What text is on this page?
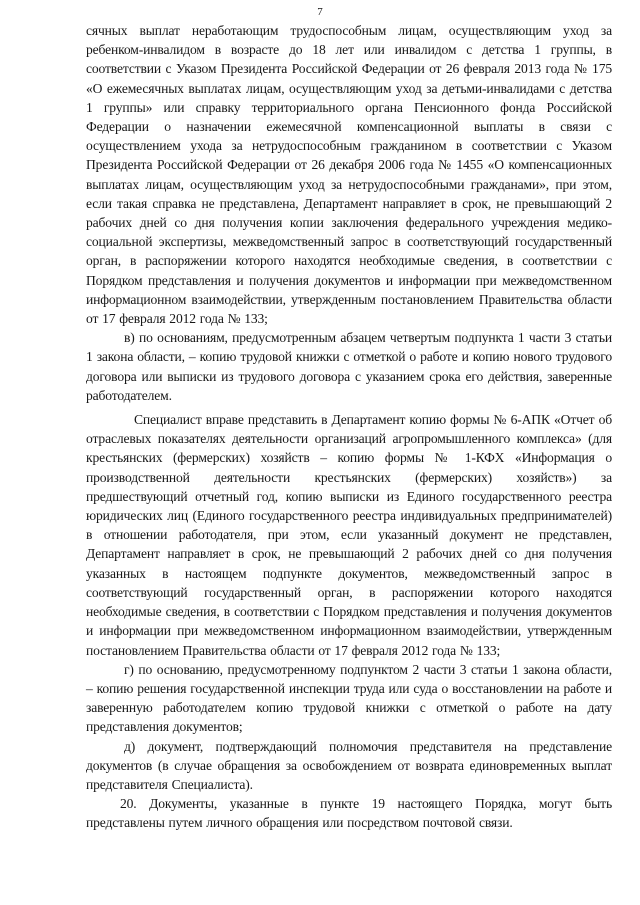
7

сячных выплат неработающим трудоспособным лицам, осуществляющим уход за ребенком-инвалидом в возрасте до 18 лет или инвалидом с детства 1 группы, в соответствии с Указом Президента Российской Федерации от 26 февраля 2013 года № 175 «О ежемесячных выплатах лицам, осуществляющим уход за детьми-инвалидами с детства 1 группы» или справку территориального органа Пенсионного фонда Российской Федерации о назначении ежемесячной компенсационной выплаты в связи с осуществлением ухода за нетрудоспособным гражданином в соответствии с Указом Президента Российской Федерации от 26 декабря 2006 года № 1455 «О компенсационных выплатах лицам, осуществляющим уход за нетрудоспособными гражданами», при этом, если такая справка не представлена, Департамент направляет в срок, не превышающий 2 рабочих дней со дня получения копии заключения федерального учреждения медико-социальной экспертизы, межведомственный запрос в соответствующий государственный орган, в распоряжении которого находятся необходимые сведения, в соответствии с Порядком представления и получения документов и информации при межведомственном информационном взаимодействии, утвержденным постановлением Правительства области от 17 февраля 2012 года № 133;

в) по основаниям, предусмотренным абзацем четвертым подпункта 1 части 3 статьи 1 закона области, – копию трудовой книжки с отметкой о работе и копию нового трудового договора или выписки из трудового договора с указанием срока его действия, заверенные работодателем.

Специалист вправе представить в Департамент копию формы № 6-АПК «Отчет об отраслевых показателях деятельности организаций агропромышленного комплекса» (для крестьянских (фермерских) хозяйств – копию формы № 1-КФХ «Информация о производственной деятельности крестьянских (фермерских) хозяйств») за предшествующий отчетный год, копию выписки из Единого государственного реестра юридических лиц (Единого государственного реестра индивидуальных предпринимателей) в отношении работодателя, при этом, если указанный документ не представлен, Департамент направляет в срок, не превышающий 2 рабочих дней со дня получения указанных в настоящем подпункте документов, межведомственный запрос в соответствующий государственный орган, в распоряжении которого находятся необходимые сведения, в соответствии с Порядком представления и получения документов и информации при межведомственном информационном взаимодействии, утвержденным постановлением Правительства области от 17 февраля 2012 года № 133;

г) по основанию, предусмотренному подпунктом 2 части 3 статьи 1 закона области, – копию решения государственной инспекции труда или суда о восстановлении на работе и заверенную работодателем копию трудовой книжки с отметкой о работе на дату представления документов;

д) документ, подтверждающий полномочия представителя на представление документов (в случае обращения за освобождением от возврата единовременных выплат представителя Специалиста).

20. Документы, указанные в пункте 19 настоящего Порядка, могут быть представлены путем личного обращения или посредством почтовой связи.
